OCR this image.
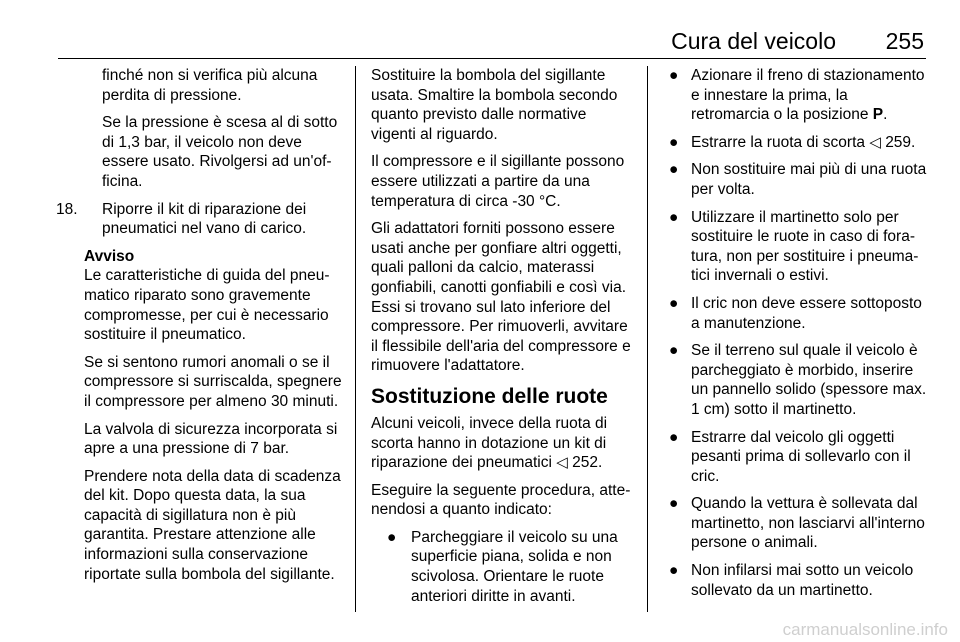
Cura del veicolo 255

finché non si verifica più alcuna perdita di pressione.

Se la pressione è scesa al di sotto di 1,3 bar, il veicolo non deve essere usato. Rivolgersi ad un'officina.

18.	Riporre il kit di riparazione dei pneumatici nel vano di carico.

Avviso

Le caratteristiche di guida del pneumatico riparato sono gravemente compromesse, per cui è necessario sostituire il pneumatico.

Se si sentono rumori anomali o se il compressore si surriscalda, spegnere il compressore per almeno 30 minuti.

La valvola di sicurezza incorporata si apre a una pressione di 7 bar.

Prendere nota della data di scadenza del kit. Dopo questa data, la sua capacità di sigillatura non è più garantita. Prestare attenzione alle informazioni sulla conservazione riportate sulla bombola del sigillante.

Sostituire la bombola del sigillante usata. Smaltire la bombola secondo quanto previsto dalle normative vigenti al riguardo.

Il compressore e il sigillante possono essere utilizzati a partire da una temperatura di circa -30 °C.

Gli adattatori forniti possono essere usati anche per gonfiare altri oggetti, quali palloni da calcio, materassi gonfiabili, canotti gonfiabili e così via. Essi si trovano sul lato inferiore del compressore. Per rimuoverli, avvitare il flessibile dell'aria del compressore e rimuovere l'adattatore.

Sostituzione delle ruote

Alcuni veicoli, invece della ruota di scorta hanno in dotazione un kit di riparazione dei pneumatici ◁ 252.

Eseguire la seguente procedura, attenendosi a quanto indicato:

● Parcheggiare il veicolo su una superficie piana, solida e non scivolosa. Orientare le ruote anteriori diritte in avanti.
● Azionare il freno di stazionamento e innestare la prima, la retromarcia o la posizione P.
● Estrarre la ruota di scorta ◁ 259.
● Non sostituire mai più di una ruota per volta.
● Utilizzare il martinetto solo per sostituire le ruote in caso di foratura, non per sostituire i pneumatici invernali o estivi.
● Il cric non deve essere sottoposto a manutenzione.
● Se il terreno sul quale il veicolo è parcheggiato è morbido, inserire un pannello solido (spessore max. 1 cm) sotto il martinetto.
● Estrarre dal veicolo gli oggetti pesanti prima di sollevarlo con il cric.
● Quando la vettura è sollevata dal martinetto, non lasciarvi all'interno persone o animali.
● Non infilarsi mai sotto un veicolo sollevato da un martinetto.
carmanualsonline.info
